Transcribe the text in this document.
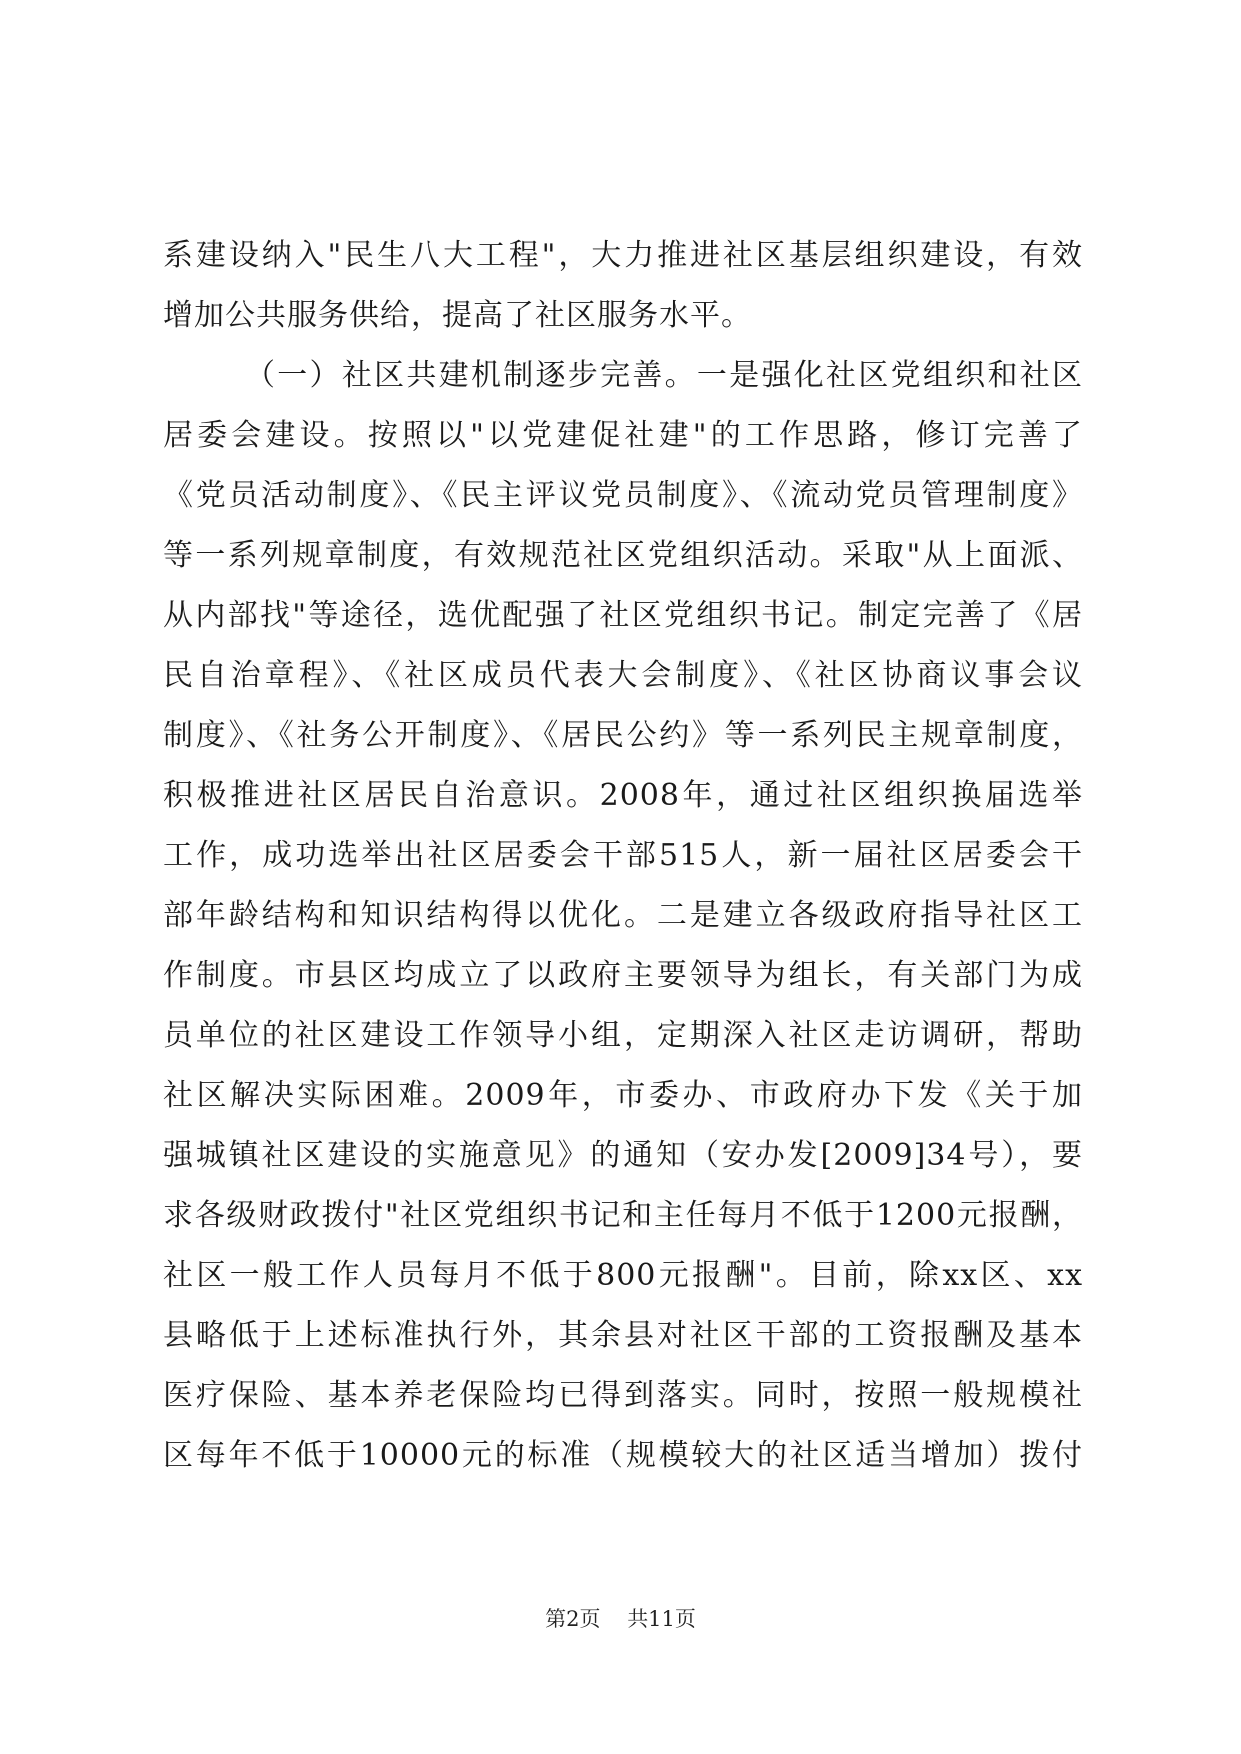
系建设纳入"民生八大工程"，大力推进社区基层组织建设，有效
增加公共服务供给，提高了社区服务水平。
（一）社区共建机制逐步完善。一是强化社区党组织和社区
居委会建设。按照以"以党建促社建"的工作思路，修订完善了
《党员活动制度》、《民主评议党员制度》、《流动党员管理制度》
等一系列规章制度，有效规范社区党组织活动。采取"从上面派、
从内部找"等途径，选优配强了社区党组织书记。制定完善了《居
民自治章程》、《社区成员代表大会制度》、《社区协商议事会议
制度》、《社务公开制度》、《居民公约》等一系列民主规章制度，
积极推进社区居民自治意识。2008年，通过社区组织换届选举
工作，成功选举出社区居委会干部515人，新一届社区居委会干
部年龄结构和知识结构得以优化。二是建立各级政府指导社区工
作制度。市县区均成立了以政府主要领导为组长，有关部门为成
员单位的社区建设工作领导小组，定期深入社区走访调研，帮助
社区解决实际困难。2009年，市委办、市政府办下发《关于加
强城镇社区建设的实施意见》的通知（安办发[2009]34号），要
求各级财政拨付"社区党组织书记和主任每月不低于1200元报酬，
社区一般工作人员每月不低于800元报酬"。目前，除xx区、xx
县略低于上述标准执行外，其余县对社区干部的工资报酬及基本
医疗保险、基本养老保险均已得到落实。同时，按照一般规模社
区每年不低于10000元的标准（规模较大的社区适当增加）拨付
第2页 共11页
